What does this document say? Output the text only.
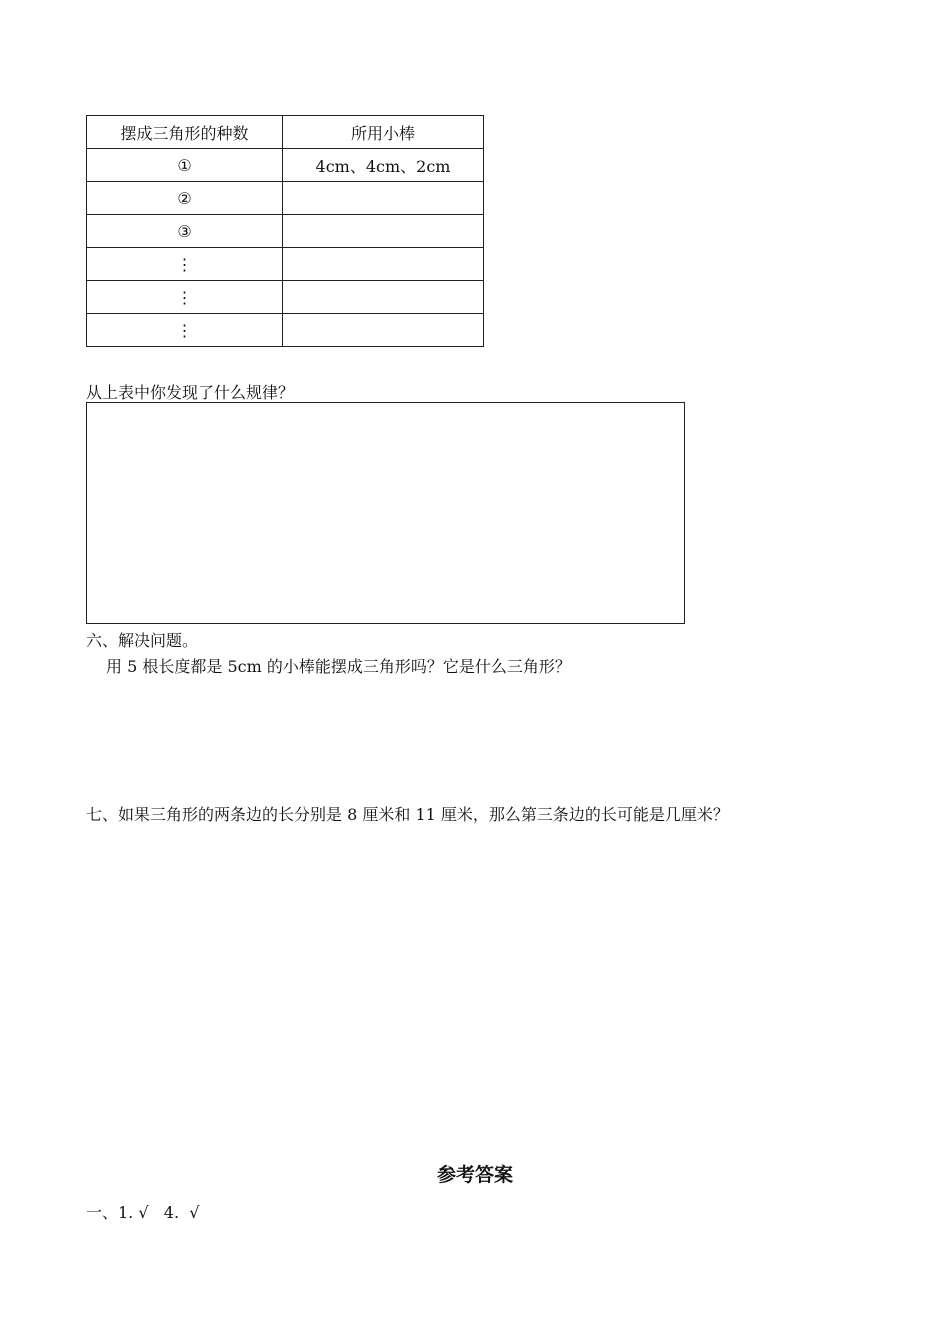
摆成三角形的种数	所用小棒
①	4cm、4cm、2cm
②	
③	
⋮	
⋮	
⋮	
从上表中你发现了什么规律？
六、解决问题。
用 5 根长度都是 5cm 的小棒能摆成三角形吗？它是什么三角形？
七、如果三角形的两条边的长分别是 8 厘米和 11 厘米，那么第三条边的长可能是几厘米？
参考答案
一、1. √   4.  √
